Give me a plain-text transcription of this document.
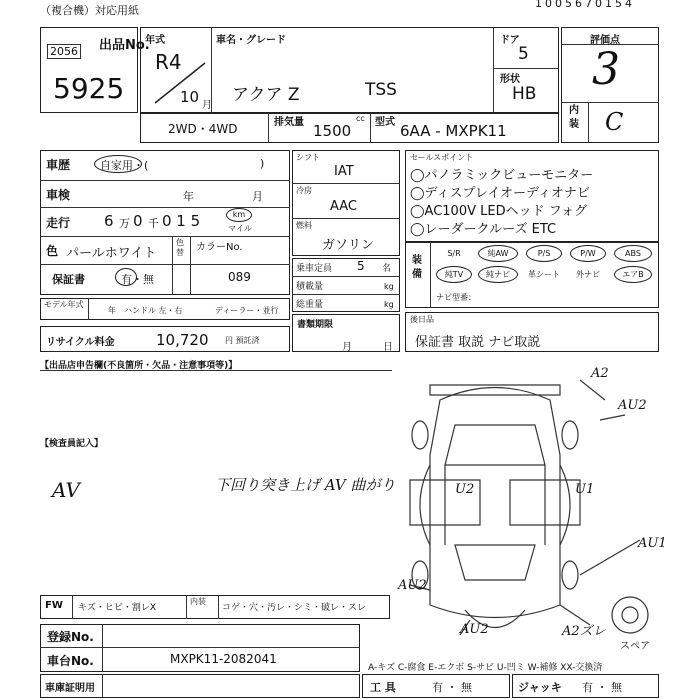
（複合機）対応用紙
1005670154
出品No.
2056
5925
年式
R4
10 月
車名・グレード
アクア Z	TSS
ドア
5
形状
HB
評価点
3
内装 C
2WD・4WD	排気量	cc
1500 型式 6AA - MXPK11
車歴	自家用・(	)
車検	年	月
走行 6 万 0 千 0 1 5	km
マイル
色 パールホワイト
色替 カラーNo.
089
保証書	有・無
モデル年式
年 ハンドル 左・右	ディーラー・並行
リサイクル料金	10,720 円 預託済
シフト
IAT
冷房
AAC
燃料
ガソリン
乗車定員 5 名
積載量	kg
総重量	kg
書類期限
月	日
セールスポイント
◯パノラミックビューモニター
◯ディスプレイオーディオナビ
◯AC100V LEDヘッド フォグ
◯レーダークルーズ ETC
装備
S/R	純AW	P/S	P/W	ABS
純TV	純ナビ	革シート	外ナビ	エアB
ナビ型番：
後日品
保証書 取説 ナビ取説
【出品店申告欄(不良箇所・欠品・注意事項等)】
【検査員記入】
AV	下回り突き上げ AV 曲がり
A2
AU2
U2	U1
AU1
AU2
AU2	A2ズレ
スペア
FW キズ・ヒビ・割レX
内装
コゲ・穴・汚レ・シミ・破レ・スレ
登録No.
車台No.	MXPK11-2082041
A-キズ C-腐食 E-エクボ S-サビ U-凹ミ W-補修 XX-交換済
車庫証明用	工 具	有 ・ 無	ジャッキ 有 ・ 無
